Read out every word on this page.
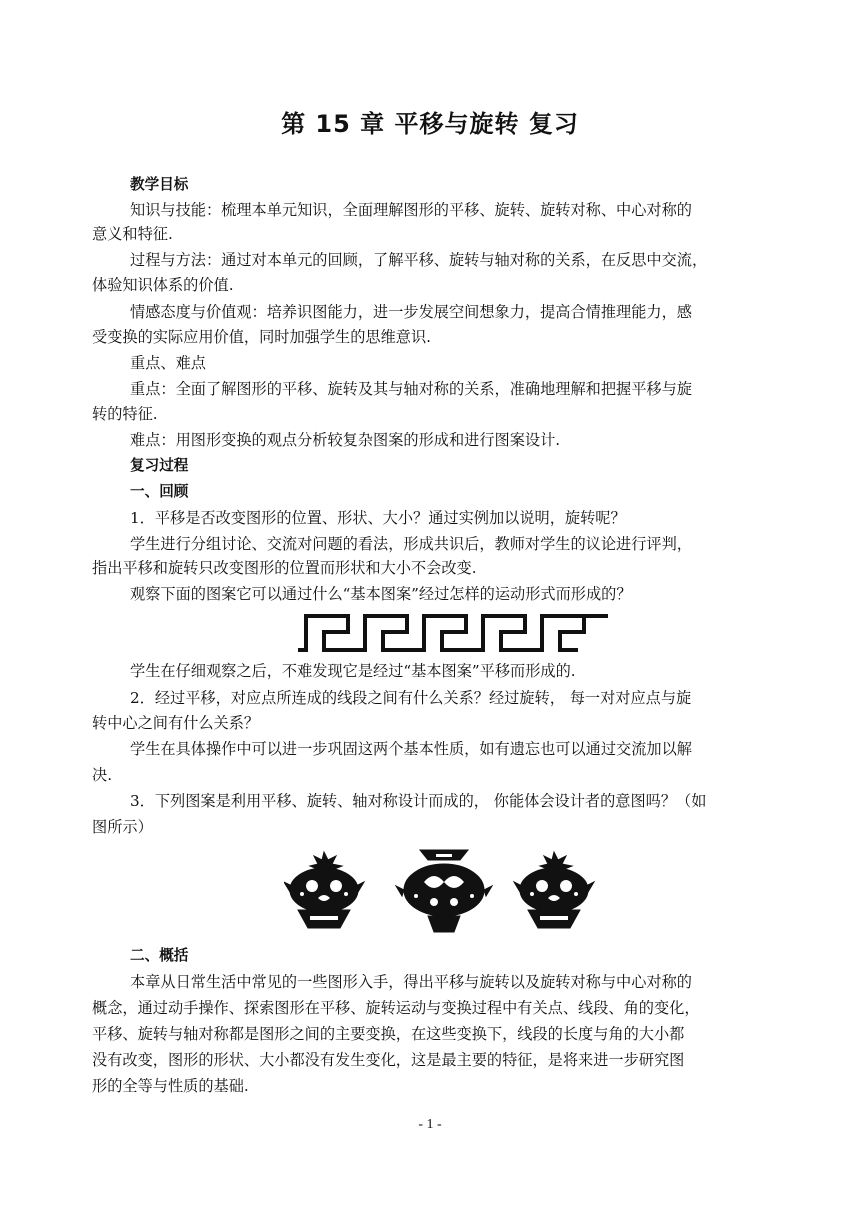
第 15 章 平移与旋转 复习
教学目标
知识与技能：梳理本单元知识，全面理解图形的平移、旋转、旋转对称、中心对称的
意义和特征.
过程与方法：通过对本单元的回顾，了解平移、旋转与轴对称的关系，在反思中交流，
体验知识体系的价值.
情感态度与价值观：培养识图能力，进一步发展空间想象力，提高合情推理能力，感
受变换的实际应用价值，同时加强学生的思维意识.
重点、难点
重点：全面了解图形的平移、旋转及其与轴对称的关系，准确地理解和把握平移与旋
转的特征.
难点：用图形变换的观点分析较复杂图案的形成和进行图案设计.
复习过程
一、回顾
1．平移是否改变图形的位置、形状、大小？通过实例加以说明，旋转呢？
学生进行分组讨论、交流对问题的看法，形成共识后，教师对学生的议论进行评判，
指出平移和旋转只改变图形的位置而形状和大小不会改变.
观察下面的图案它可以通过什么“基本图案”经过怎样的运动形式而形成的？
学生在仔细观察之后，不难发现它是经过“基本图案”平移而形成的.
2．经过平移，对应点所连成的线段之间有什么关系？经过旋转， 每一对对应点与旋
转中心之间有什么关系？
学生在具体操作中可以进一步巩固这两个基本性质，如有遗忘也可以通过交流加以解
决.
3．下列图案是利用平移、旋转、轴对称设计而成的， 你能体会设计者的意图吗？（如
图所示）
二、概括
本章从日常生活中常见的一些图形入手，得出平移与旋转以及旋转对称与中心对称的
概念，通过动手操作、探索图形在平移、旋转运动与变换过程中有关点、线段、角的变化，
平移、旋转与轴对称都是图形之间的主要变换，在这些变换下，线段的长度与角的大小都
没有改变，图形的形状、大小都没有发生变化，这是最主要的特征，是将来进一步研究图
形的全等与性质的基础.
- 1 -
